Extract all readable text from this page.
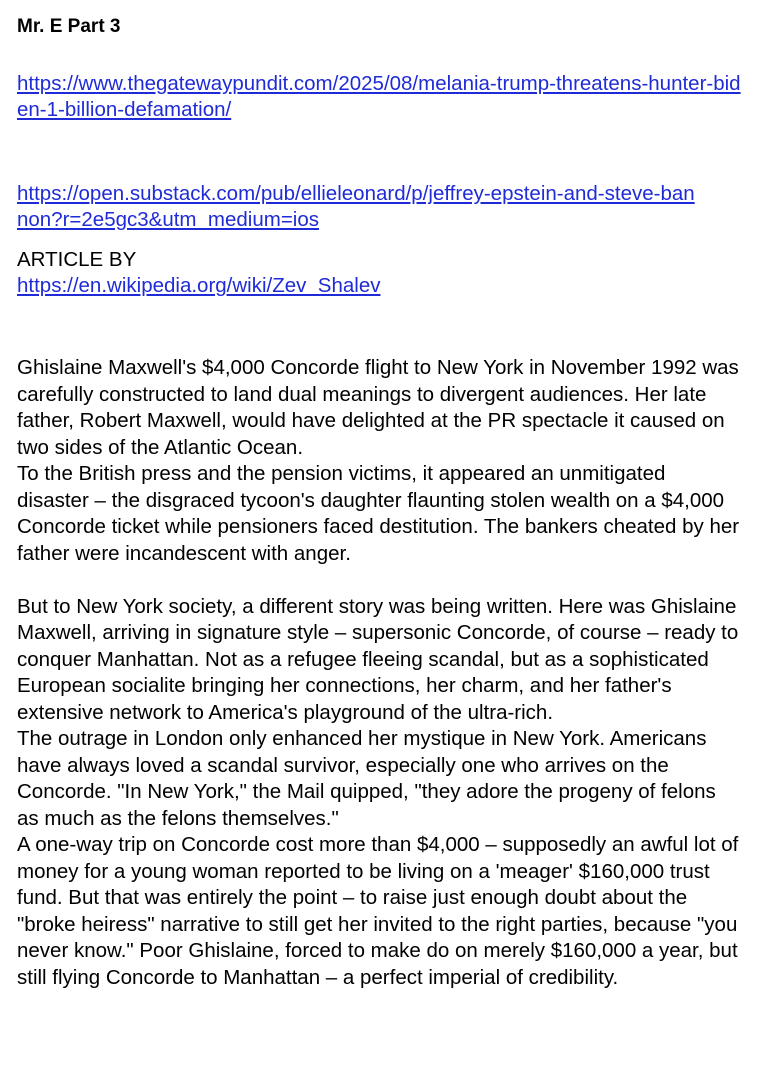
Mr. E Part 3

https://www.thegatewaypundit.com/2025/08/melania-trump-threatens-hunter-biden-1-billion-defamation/
https://open.substack.com/pub/ellieleonard/p/jeffrey-epstein-and-steve-bannon?r=2e5gc3&utm_medium=ios
ARTICLE BY
https://en.wikipedia.org/wiki/Zev_Shalev

Ghislaine Maxwell's $4,000 Concorde flight to New York in November 1992 was carefully constructed to land dual meanings to divergent audiences. Her late father, Robert Maxwell, would have delighted at the PR spectacle it caused on two sides of the Atlantic Ocean.

To the British press and the pension victims, it appeared an unmitigated disaster – the disgraced tycoon's daughter flaunting stolen wealth on a $4,000 Concorde ticket while pensioners faced destitution. The bankers cheated by her father were incandescent with anger.

But to New York society, a different story was being written. Here was Ghislaine Maxwell, arriving in signature style – supersonic Concorde, of course – ready to conquer Manhattan. Not as a refugee fleeing scandal, but as a sophisticated European socialite bringing her connections, her charm, and her father's extensive network to America's playground of the ultra-rich.

The outrage in London only enhanced her mystique in New York. Americans have always loved a scandal survivor, especially one who arrives on the Concorde. "In New York," the Mail quipped, "they adore the progeny of felons as much as the felons themselves."

A one-way trip on Concorde cost more than $4,000 – supposedly an awful lot of money for a young woman reported to be living on a 'meager' $160,000 trust fund. But that was entirely the point – to raise just enough doubt about the "broke heiress" narrative to still get her invited to the right parties, because "you never know." Poor Ghislaine, forced to make do on merely $160,000 a year, but still flying Concorde to Manhattan – a perfect imperial of credibility.
